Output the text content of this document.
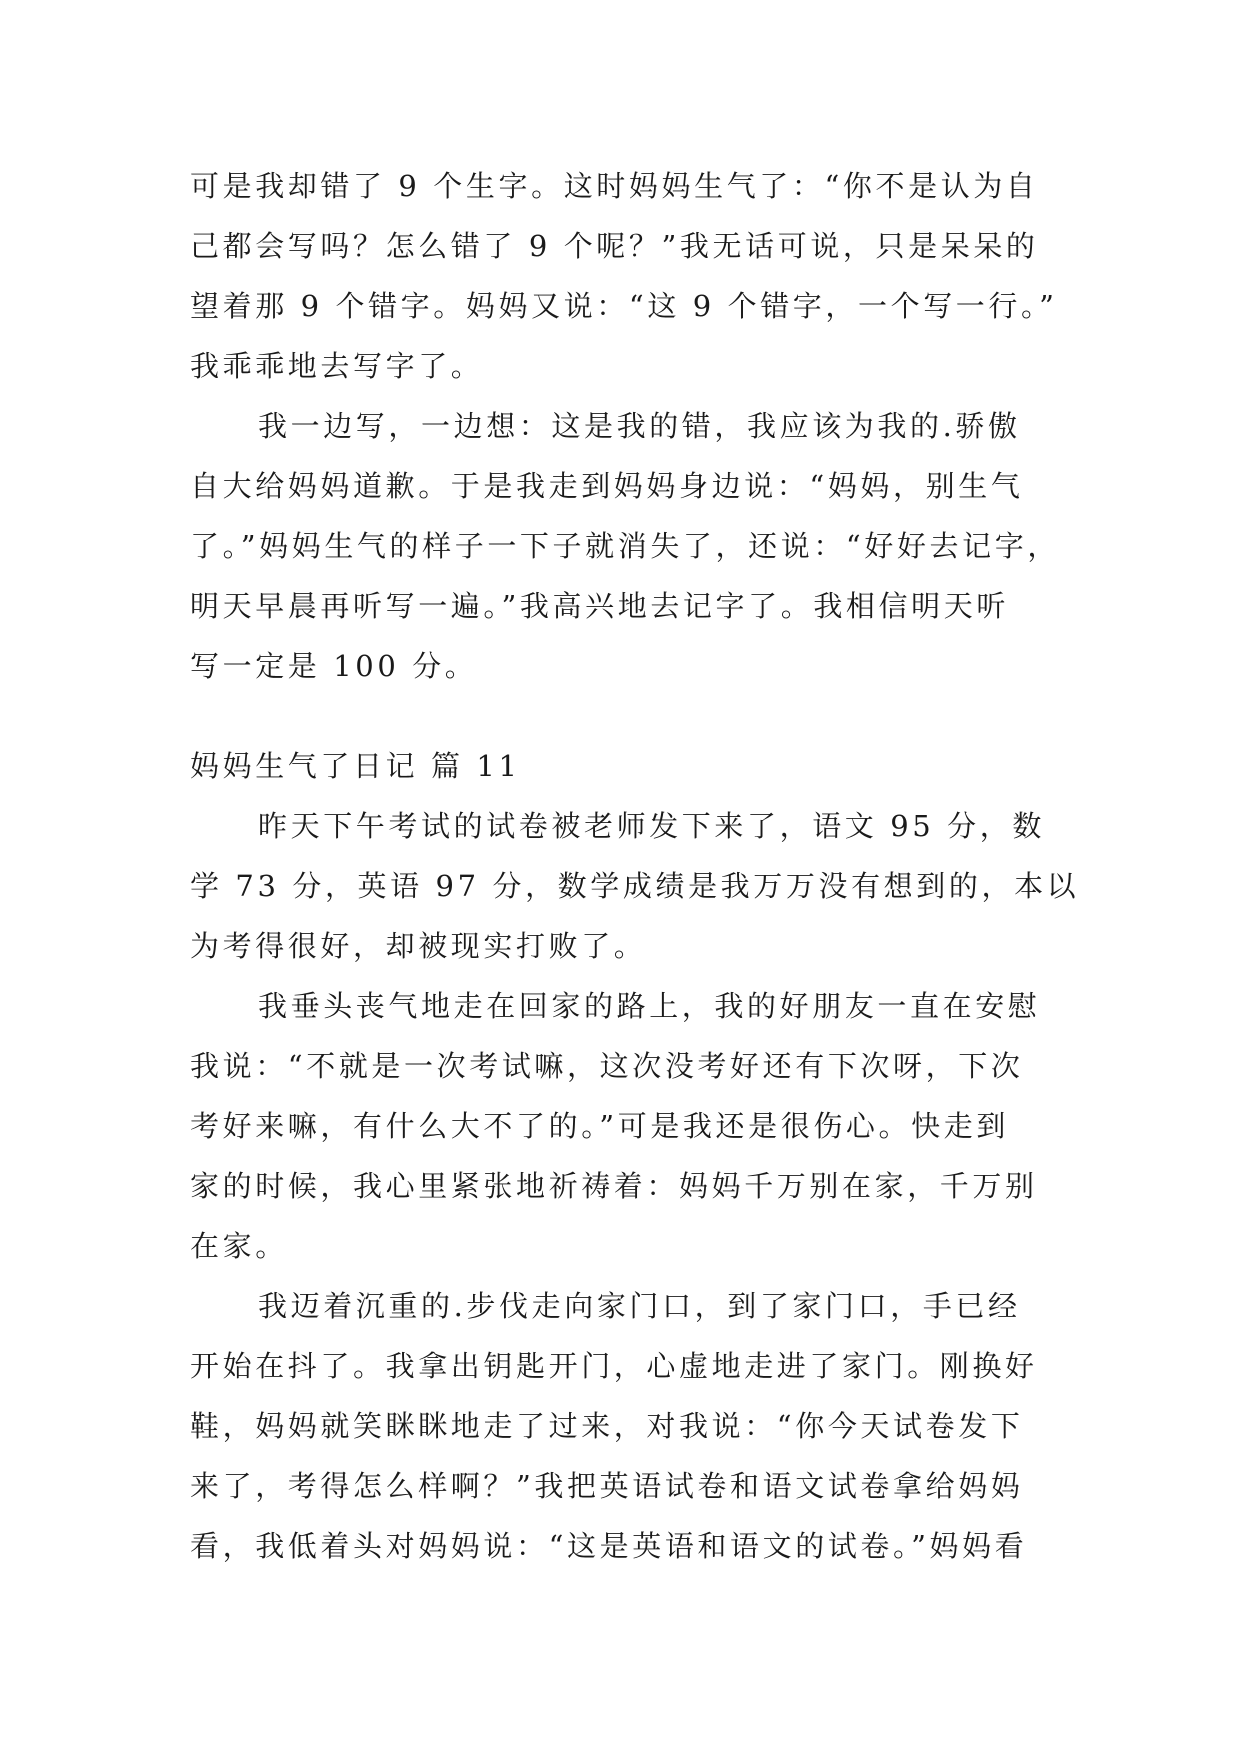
可是我却错了 9 个生字。这时妈妈生气了：“你不是认为自
己都会写吗？怎么错了 9 个呢？”我无话可说，只是呆呆的
望着那 9 个错字。妈妈又说：“这 9 个错字，一个写一行。”
我乖乖地去写字了。
我一边写，一边想：这是我的错，我应该为我的.骄傲
自大给妈妈道歉。于是我走到妈妈身边说：“妈妈，别生气
了。”妈妈生气的样子一下子就消失了，还说：“好好去记字，
明天早晨再听写一遍。”我高兴地去记字了。我相信明天听
写一定是 100 分。
妈妈生气了日记 篇 11
昨天下午考试的试卷被老师发下来了，语文 95 分，数
学 73 分，英语 97 分，数学成绩是我万万没有想到的，本以
为考得很好，却被现实打败了。
我垂头丧气地走在回家的路上，我的好朋友一直在安慰
我说：“不就是一次考试嘛，这次没考好还有下次呀，下次
考好来嘛，有什么大不了的。”可是我还是很伤心。快走到
家的时候，我心里紧张地祈祷着：妈妈千万别在家，千万别
在家。
我迈着沉重的.步伐走向家门口，到了家门口，手已经
开始在抖了。我拿出钥匙开门，心虚地走进了家门。刚换好
鞋，妈妈就笑眯眯地走了过来，对我说：“你今天试卷发下
来了，考得怎么样啊？”我把英语试卷和语文试卷拿给妈妈
看，我低着头对妈妈说：“这是英语和语文的试卷。”妈妈看
